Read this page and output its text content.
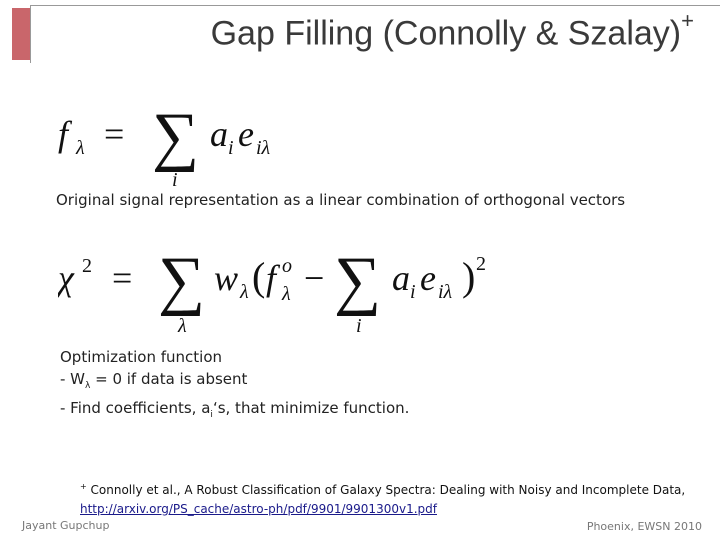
Gap Filling (Connolly & Szalay)+
f λ = ∑
i
a i e iλ
Original signal representation as a linear combination of orthogonal vectors
χ 2 = ∑
λ
w λ ( f o
λ − ∑
i
a i e iλ ) 2
Optimization function
- $W_\lambda = 0$ if data is absent
- Find coefficients, $a_i‘s$, that minimize function.
+ Connolly et al., A Robust Classification of Galaxy Spectra: Dealing with Noisy and Incomplete Data,
http://arxiv.org/PS_cache/astro-ph/pdf/9901/9901300v1.pdf
Jayant Gupchup	Phoenix, EWSN 2010
